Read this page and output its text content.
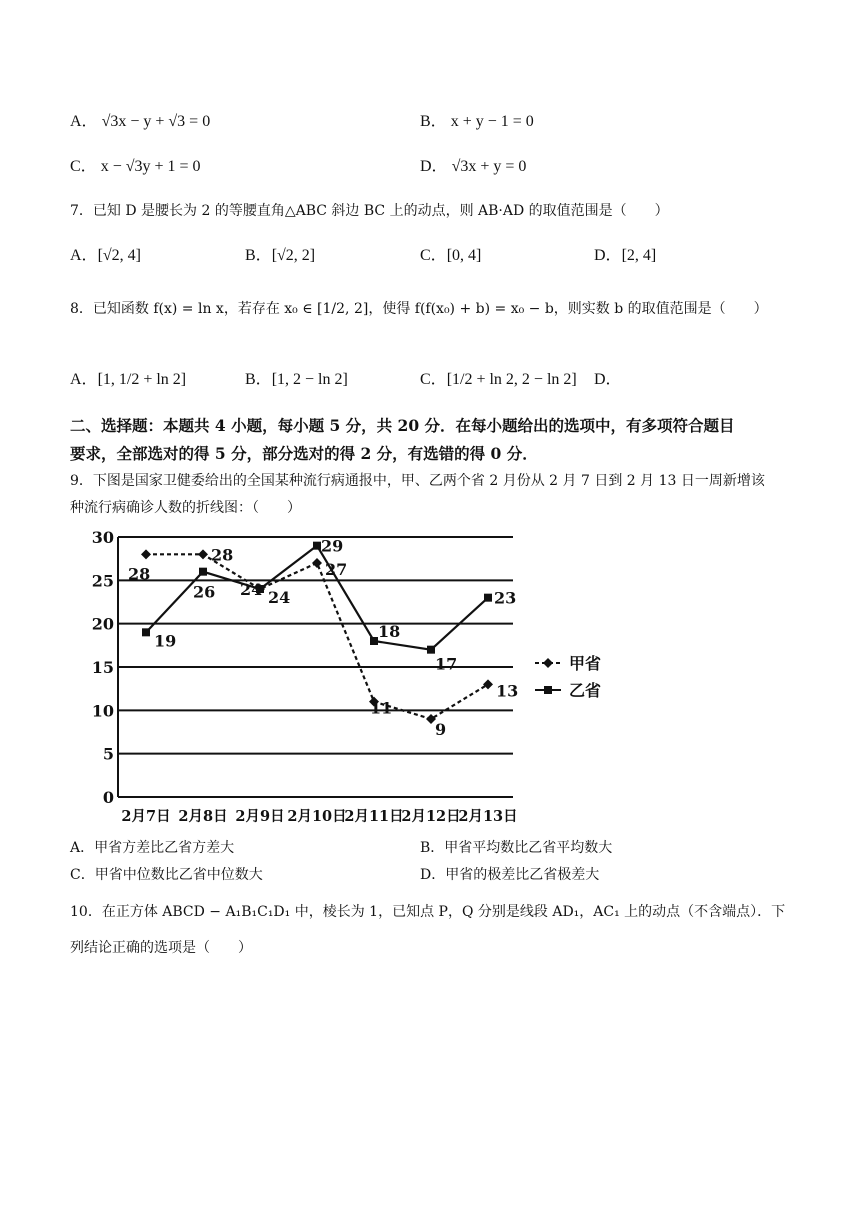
A． √3x − y + √3 = 0	B． x + y − 1 = 0
C． x − √3y + 1 = 0	D． √3x + y = 0
7．已知 D 是腰长为 2 的等腰直角△ABC 斜边 BC 上的动点，则 AB·AD 的取值范围是（　　）
A．[√2, 4]	B．[√2, 2]	C．[0, 4]	D．[2, 4]
8．已知函数 f(x) = ln x，若存在 x₀ ∈ [1/2, 2]，使得 f(f(x₀) + b) = x₀ − b，则实数 b 的取值范围是（　　）
A．[1, 1/2 + ln 2]	B．[1, 2 − ln 2]	C．[1/2 + ln 2, 2 − ln 2] D．
二、选择题：本题共 4 小题，每小题 5 分，共 20 分．在每小题给出的选项中，有多项符合题目
要求，全部选对的得 5 分，部分选对的得 2 分，有选错的得 0 分．
9．下图是国家卫健委给出的全国某种流行病通报中，甲、乙两个省 2 月份从 2 月 7 日到 2 月 13 日一周新增该
种流行病确诊人数的折线图：（　　）
0
5
10
15
20
25
30
2月7日 2月8日 2月9日 2月10日
2月11日
2月12日
2月13日
28
28
24
27
11
9
13
19
26 24
29
18
17
23
甲省
乙省
A．甲省方差比乙省方差大	B．甲省平均数比乙省平均数大
C．甲省中位数比乙省中位数大	D．甲省的极差比乙省极差大
10．在正方体 ABCD − A₁B₁C₁D₁ 中，棱长为 1，已知点 P，Q 分别是线段 AD₁，AC₁ 上的动点（不含端点）．下
列结论正确的选项是（　　）
